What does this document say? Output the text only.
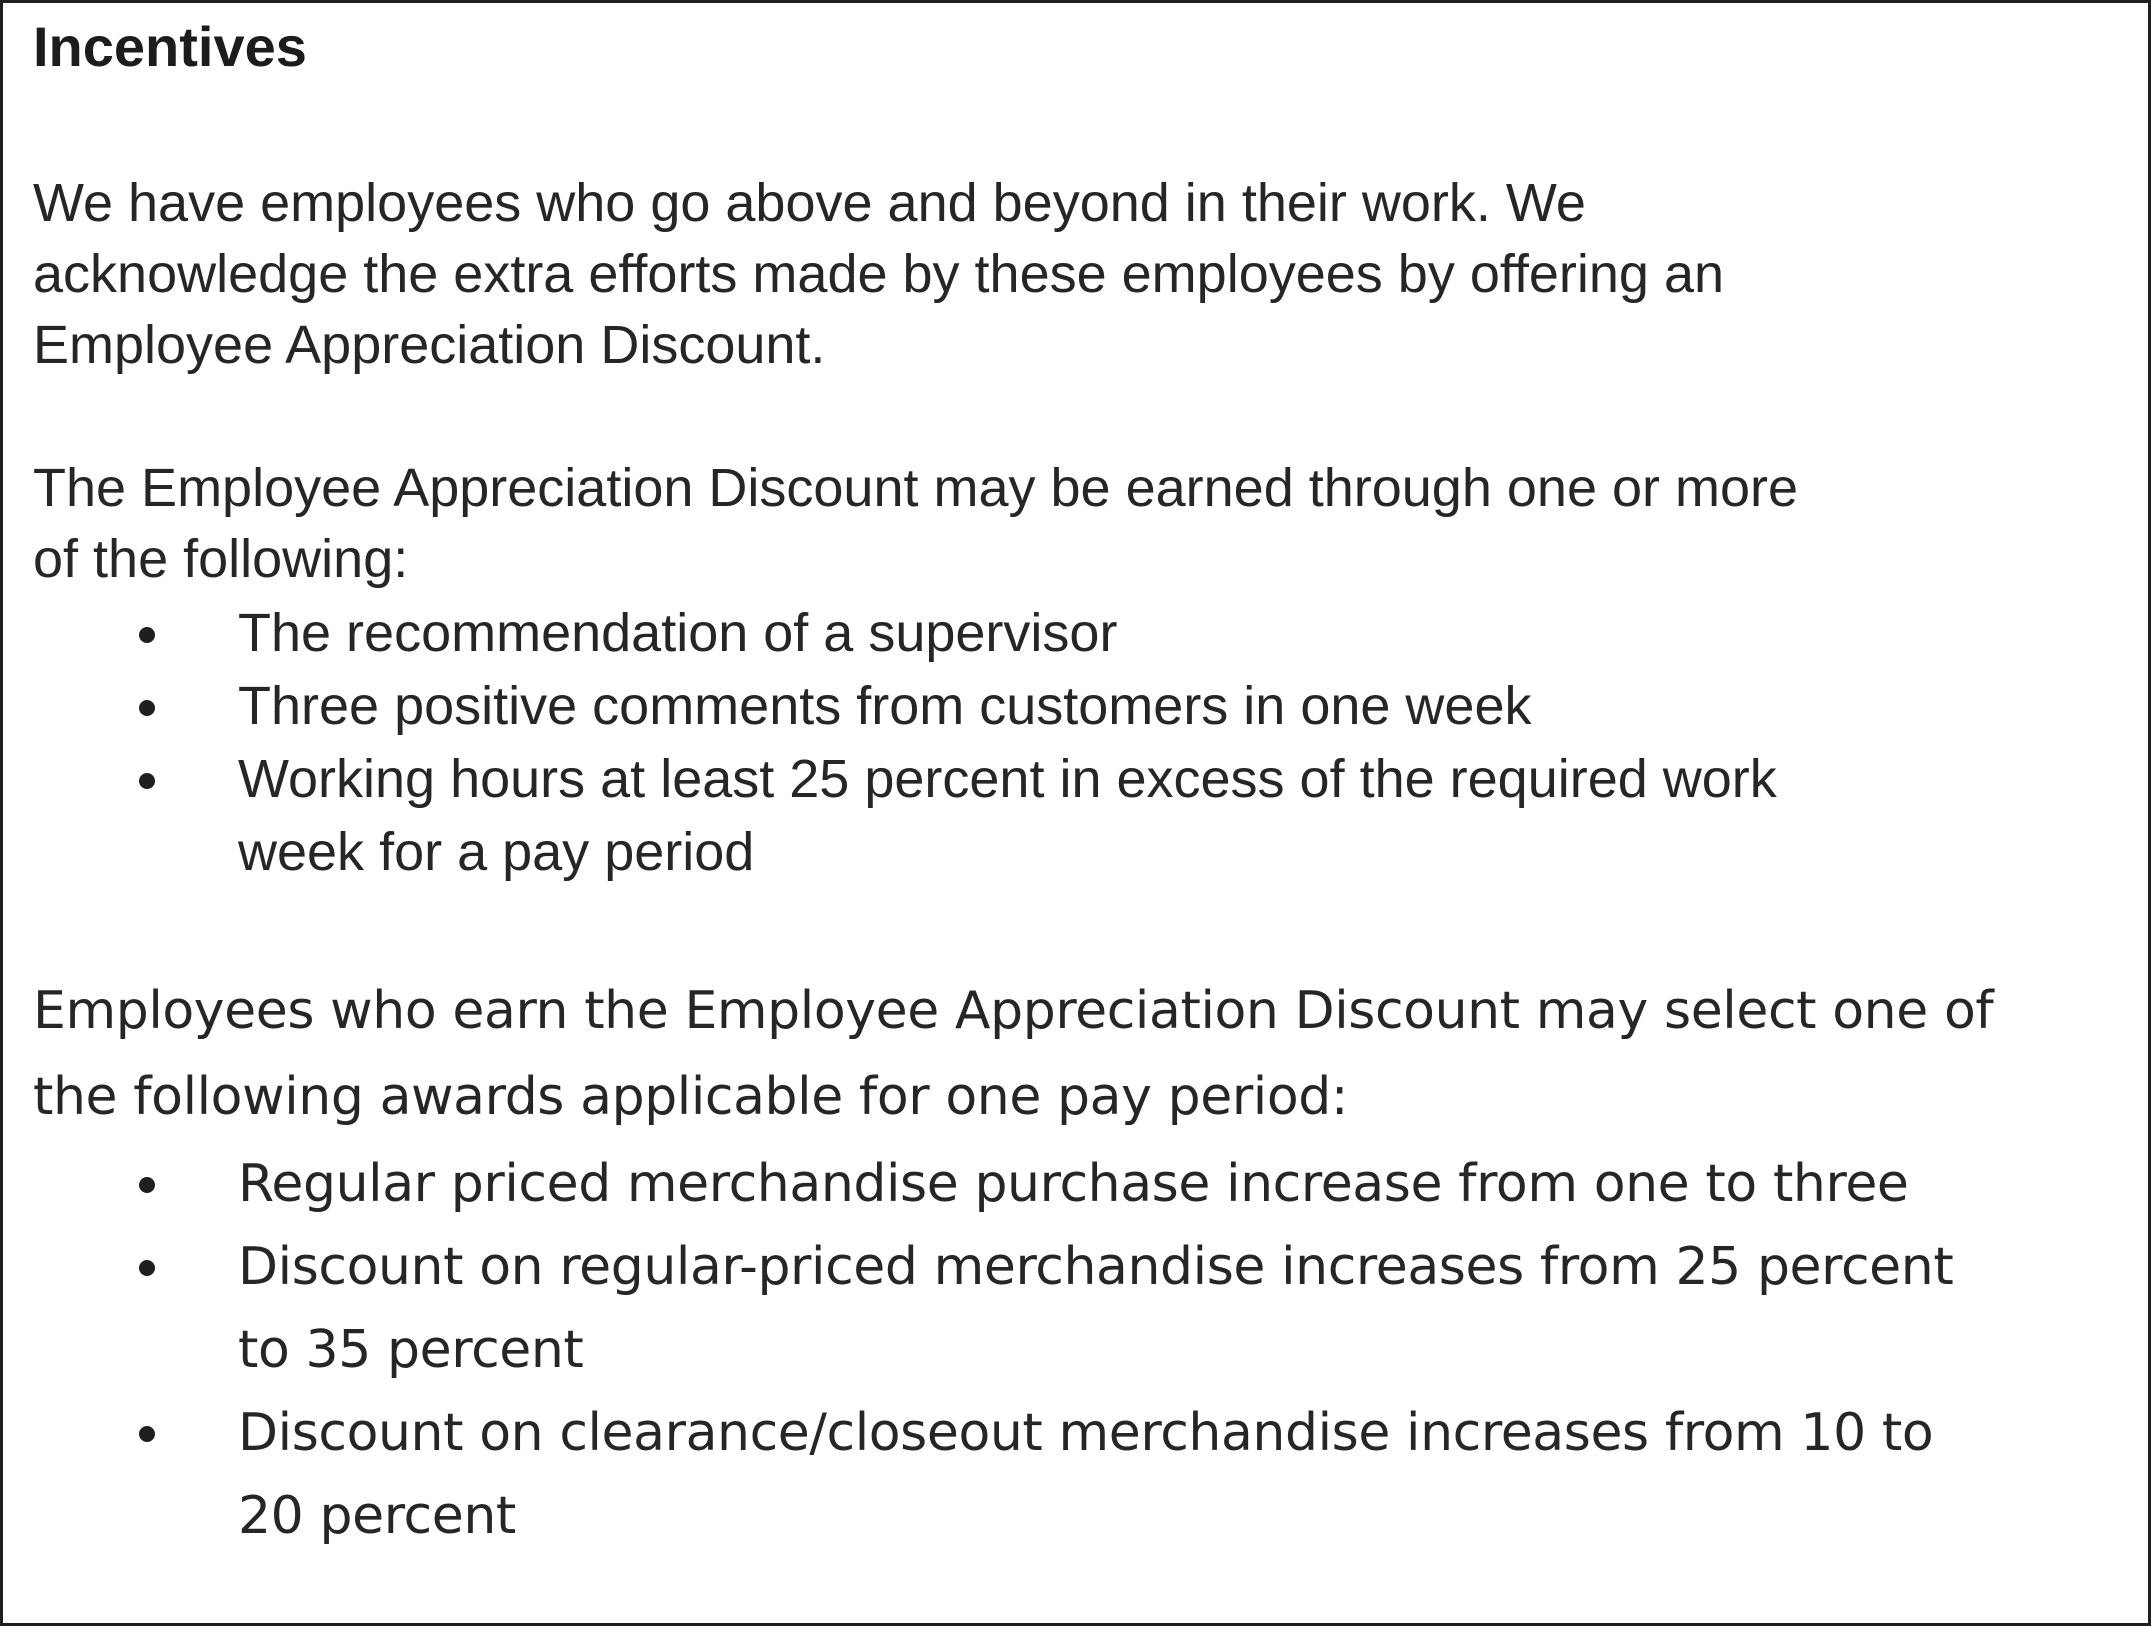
Incentives

We have employees who go above and beyond in their work. We
acknowledge the extra efforts made by these employees by offering an
Employee Appreciation Discount.

The Employee Appreciation Discount may be earned through one or more
of the following:

The recommendation of a supervisor
Three positive comments from customers in one week
Working hours at least 25 percent in excess of the required work
week for a pay period

Employees who earn the Employee Appreciation Discount may select one of
the following awards applicable for one pay period:

Regular priced merchandise purchase increase from one to three
Discount on regular-priced merchandise increases from 25 percent
to 35 percent
Discount on clearance/closeout merchandise increases from 10 to
20 percent
